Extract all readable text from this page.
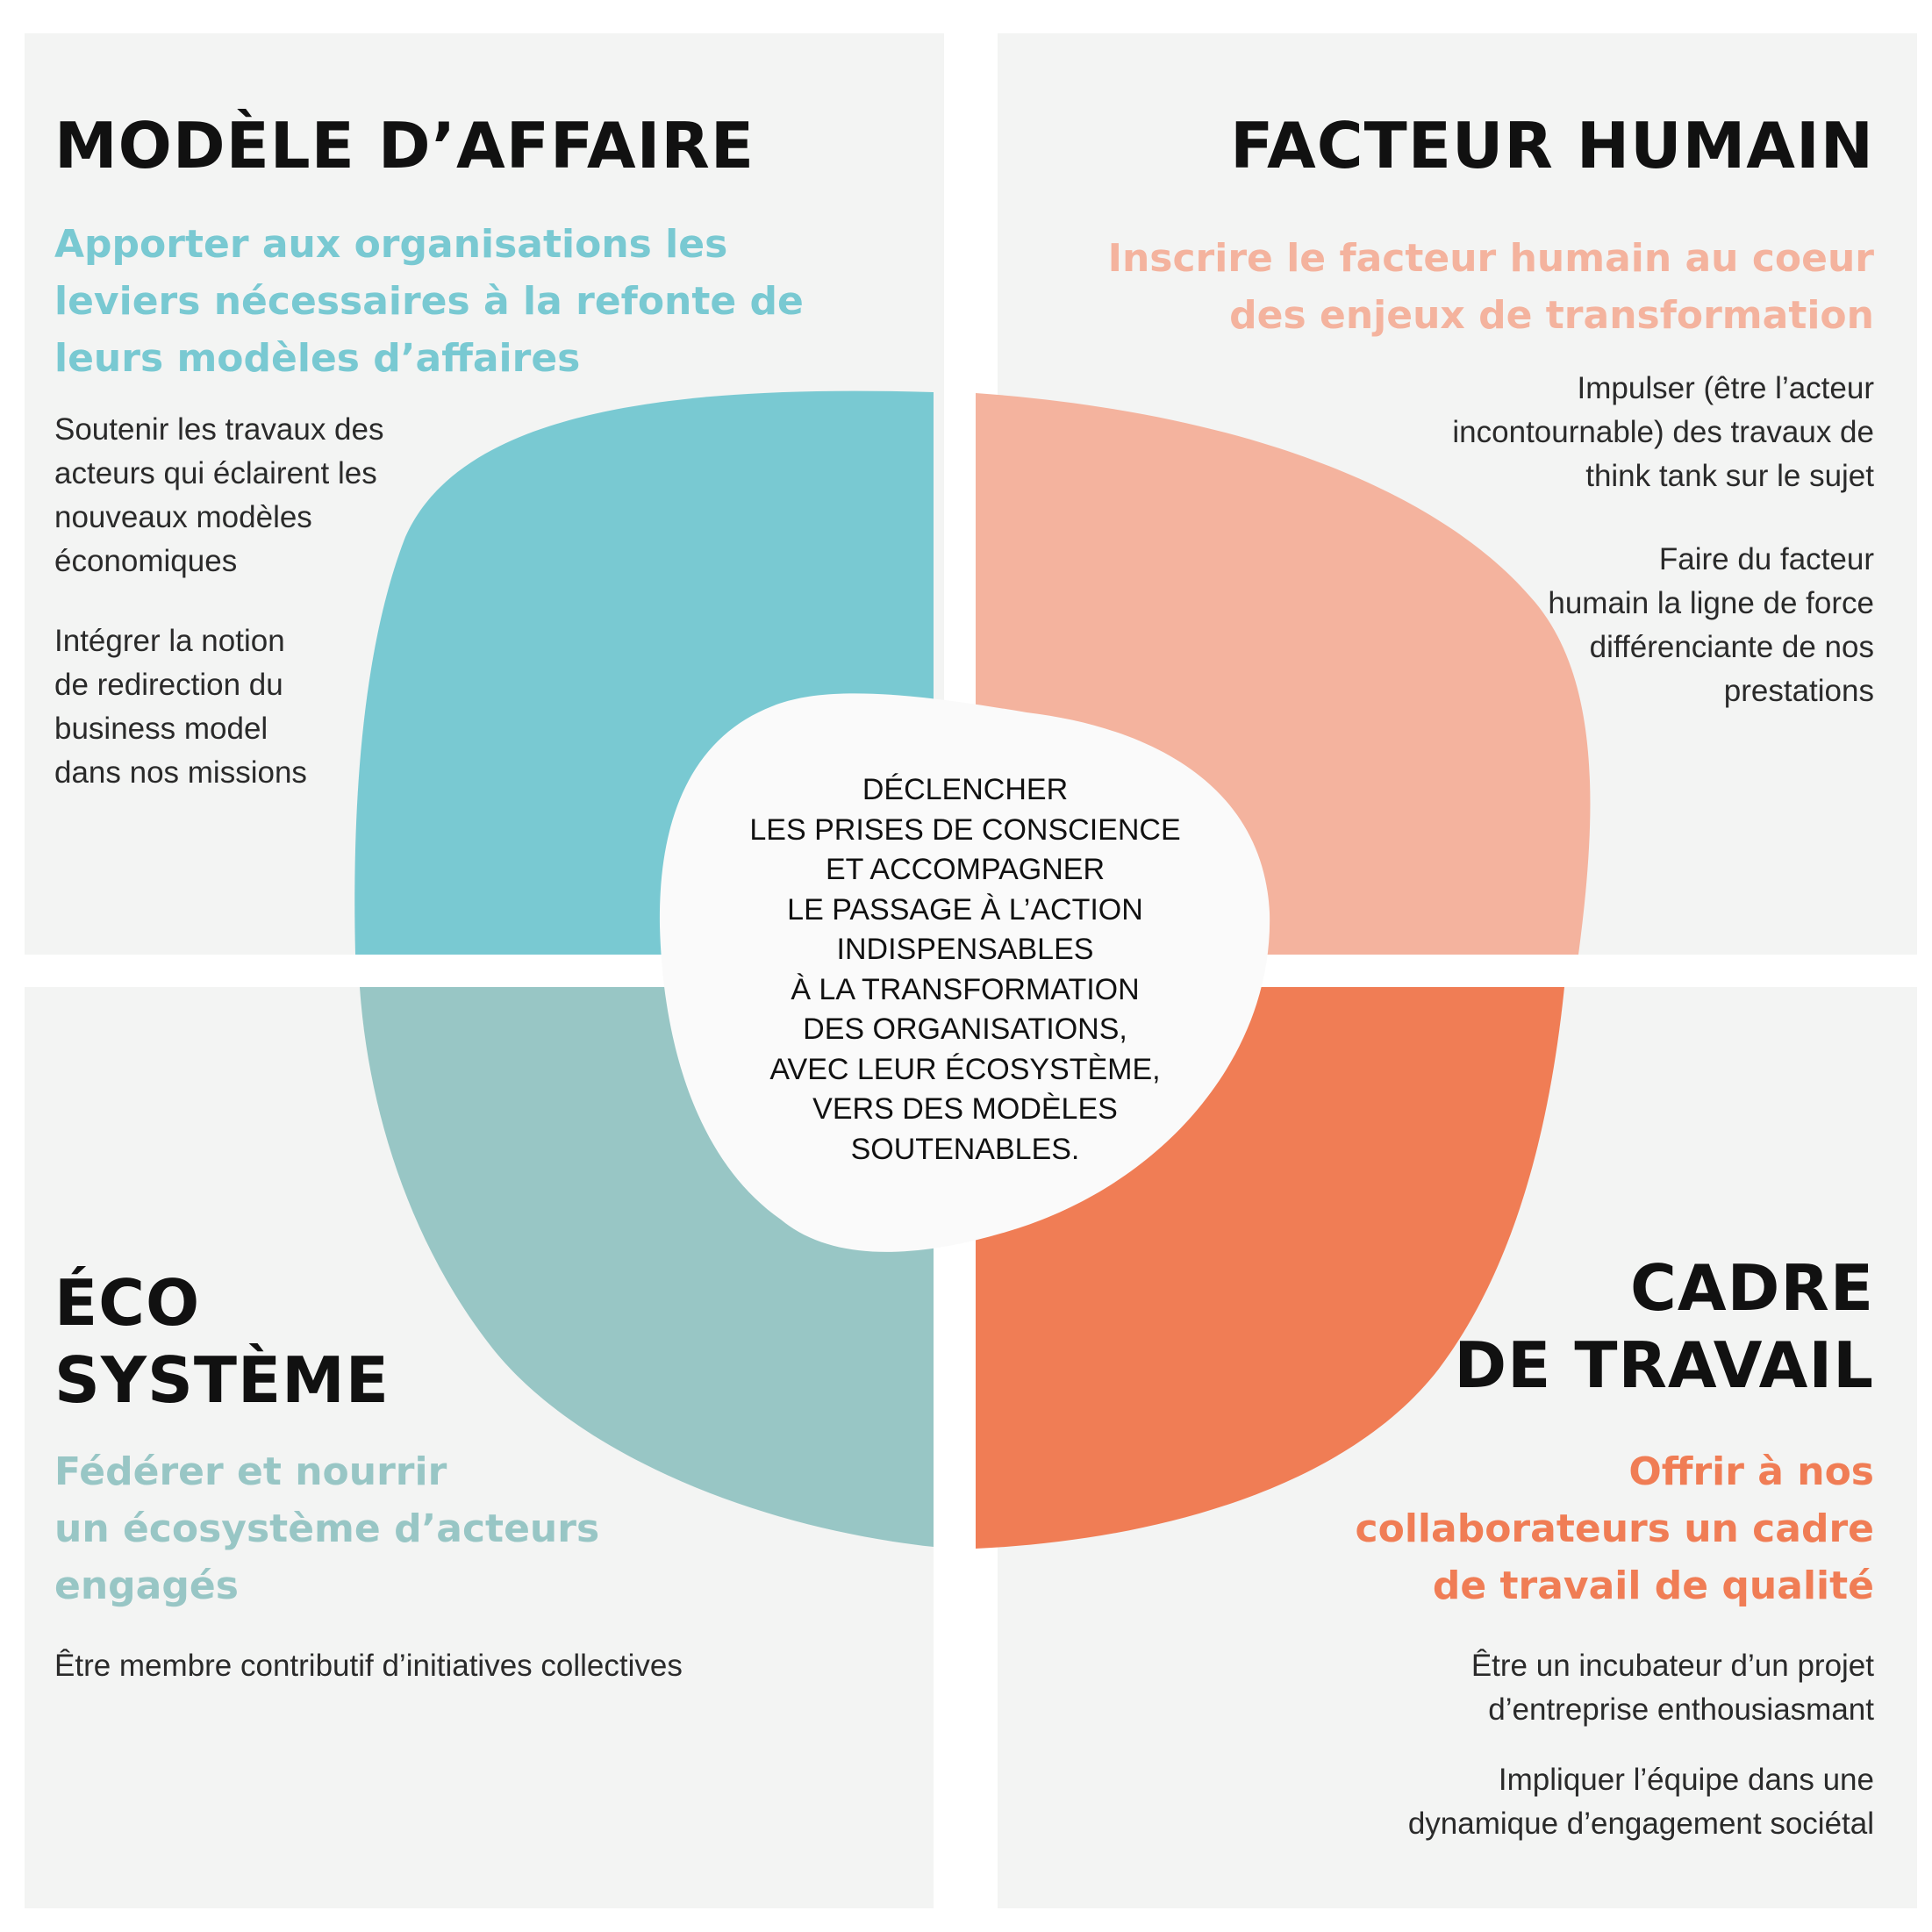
DÉCLENCHER
LES PRISES DE CONSCIENCE
ET ACCOMPAGNER
LE PASSAGE À L’ACTION
INDISPENSABLES
À LA TRANSFORMATION
DES ORGANISATIONS,
AVEC LEUR ÉCOSYSTÈME,
VERS DES MODÈLES
SOUTENABLES.
MODÈLE D’AFFAIRE
Apporter aux organisations les
leviers nécessaires à la refonte de
leurs modèles d’affaires
Soutenir les travaux des
acteurs qui éclairent les
nouveaux modèles
économiques
Intégrer la notion
de redirection du
business model
dans nos missions
FACTEUR HUMAIN
Inscrire le facteur humain au coeur
des enjeux de transformation
Impulser (être l’acteur
incontournable) des travaux de
think tank sur le sujet
Faire du facteur
humain la ligne de force
différenciante de nos
prestations
ÉCO
SYSTÈME
Fédérer et nourrir
un écosystème d’acteurs
engagés
Être membre contributif d’initiatives collectives
CADRE
DE TRAVAIL
Offrir à nos
collaborateurs un cadre
de travail de qualité
Être un incubateur d’un projet
d’entreprise enthousiasmant
Impliquer l’équipe dans une
dynamique d’engagement sociétal
